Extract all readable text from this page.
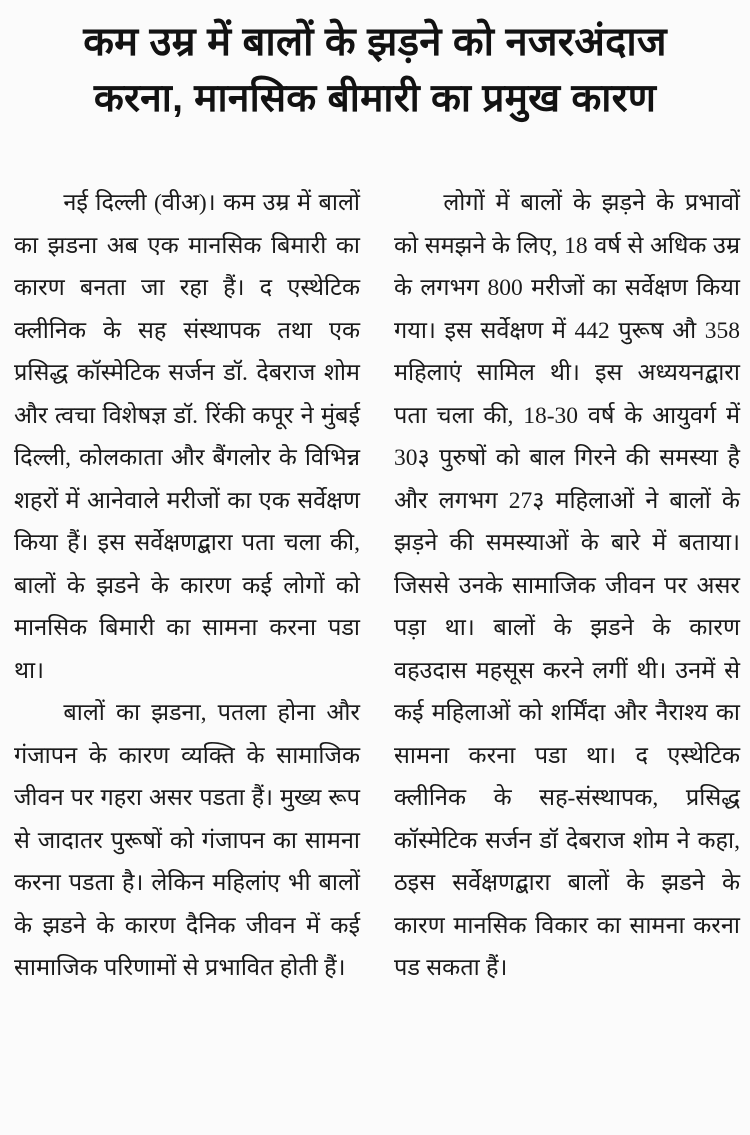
कम उम्र में बालों के झड़ने को नजरअंदाज
करना, मानसिक बीमारी का प्रमुख कारण

नई दिल्ली (वीअ)। कम उम्र में बालों का झडना अब एक मानसिक बिमारी का कारण बनता जा रहा हैं। द एस्थेटिक क्लीनिक के सह संस्थापक तथा एक प्रसिद्ध कॉस्मेटिक सर्जन डॉ. देबराज शोम और त्वचा विशेषज्ञ डॉ. रिंकी कपूर ने मुंबई दिल्ली, कोलकाता और बैंगलोर के विभिन्न शहरों में आनेवाले मरीजों का एक सर्वेक्षण किया हैं। इस सर्वेक्षणद्बारा पता चला की, बालों के झडने के कारण कई लोगों को मानसिक बिमारी का सामना करना पडा था।

बालों का झडना, पतला होना और गंजापन के कारण व्यक्ति के सामाजिक जीवन पर गहरा असर पडता हैं। मुख्य रूप से जादातर पुरूषों को गंजापन का सामना करना पडता है। लेकिन महिलांए भी बालों के झडने के कारण दैनिक जीवन में कई सामाजिक परिणामों से प्रभावित होती हैं।

लोगों में बालों के झड़ने के प्रभावों को समझने के लिए, 18 वर्ष से अधिक उम्र के लगभग 800 मरीजों का सर्वेक्षण किया गया। इस सर्वेक्षण में 442 पुरूष औ‍ 358 महिलाएं सामिल थी। इस अध्ययनद्बारा पता चला की, 18-30 वर्ष के आयुवर्ग में 30३ पुरुषों को बाल गिरने की समस्या है और लगभग 27३ महिलाओं ने बालों के झड़ने की समस्याओं के बारे में बताया। जिससे उनके सामाजिक जीवन पर असर पड़ा था। बालों के झडने के कारण वहउदास महसूस करने लगीं थी। उनमें से कई महिलाओं को शर्मिंदा और नैराश्य का सामना करना पडा था। द एस्थेटिक क्लीनिक के सह-संस्थापक, प्रसिद्ध कॉस्मेटिक सर्जन डॉ देबराज शोम ने कहा, ठइस सर्वेक्षणद्बारा बालों के झडने के कारण मानसिक विकार का सामना करना पड सकता हैं।
